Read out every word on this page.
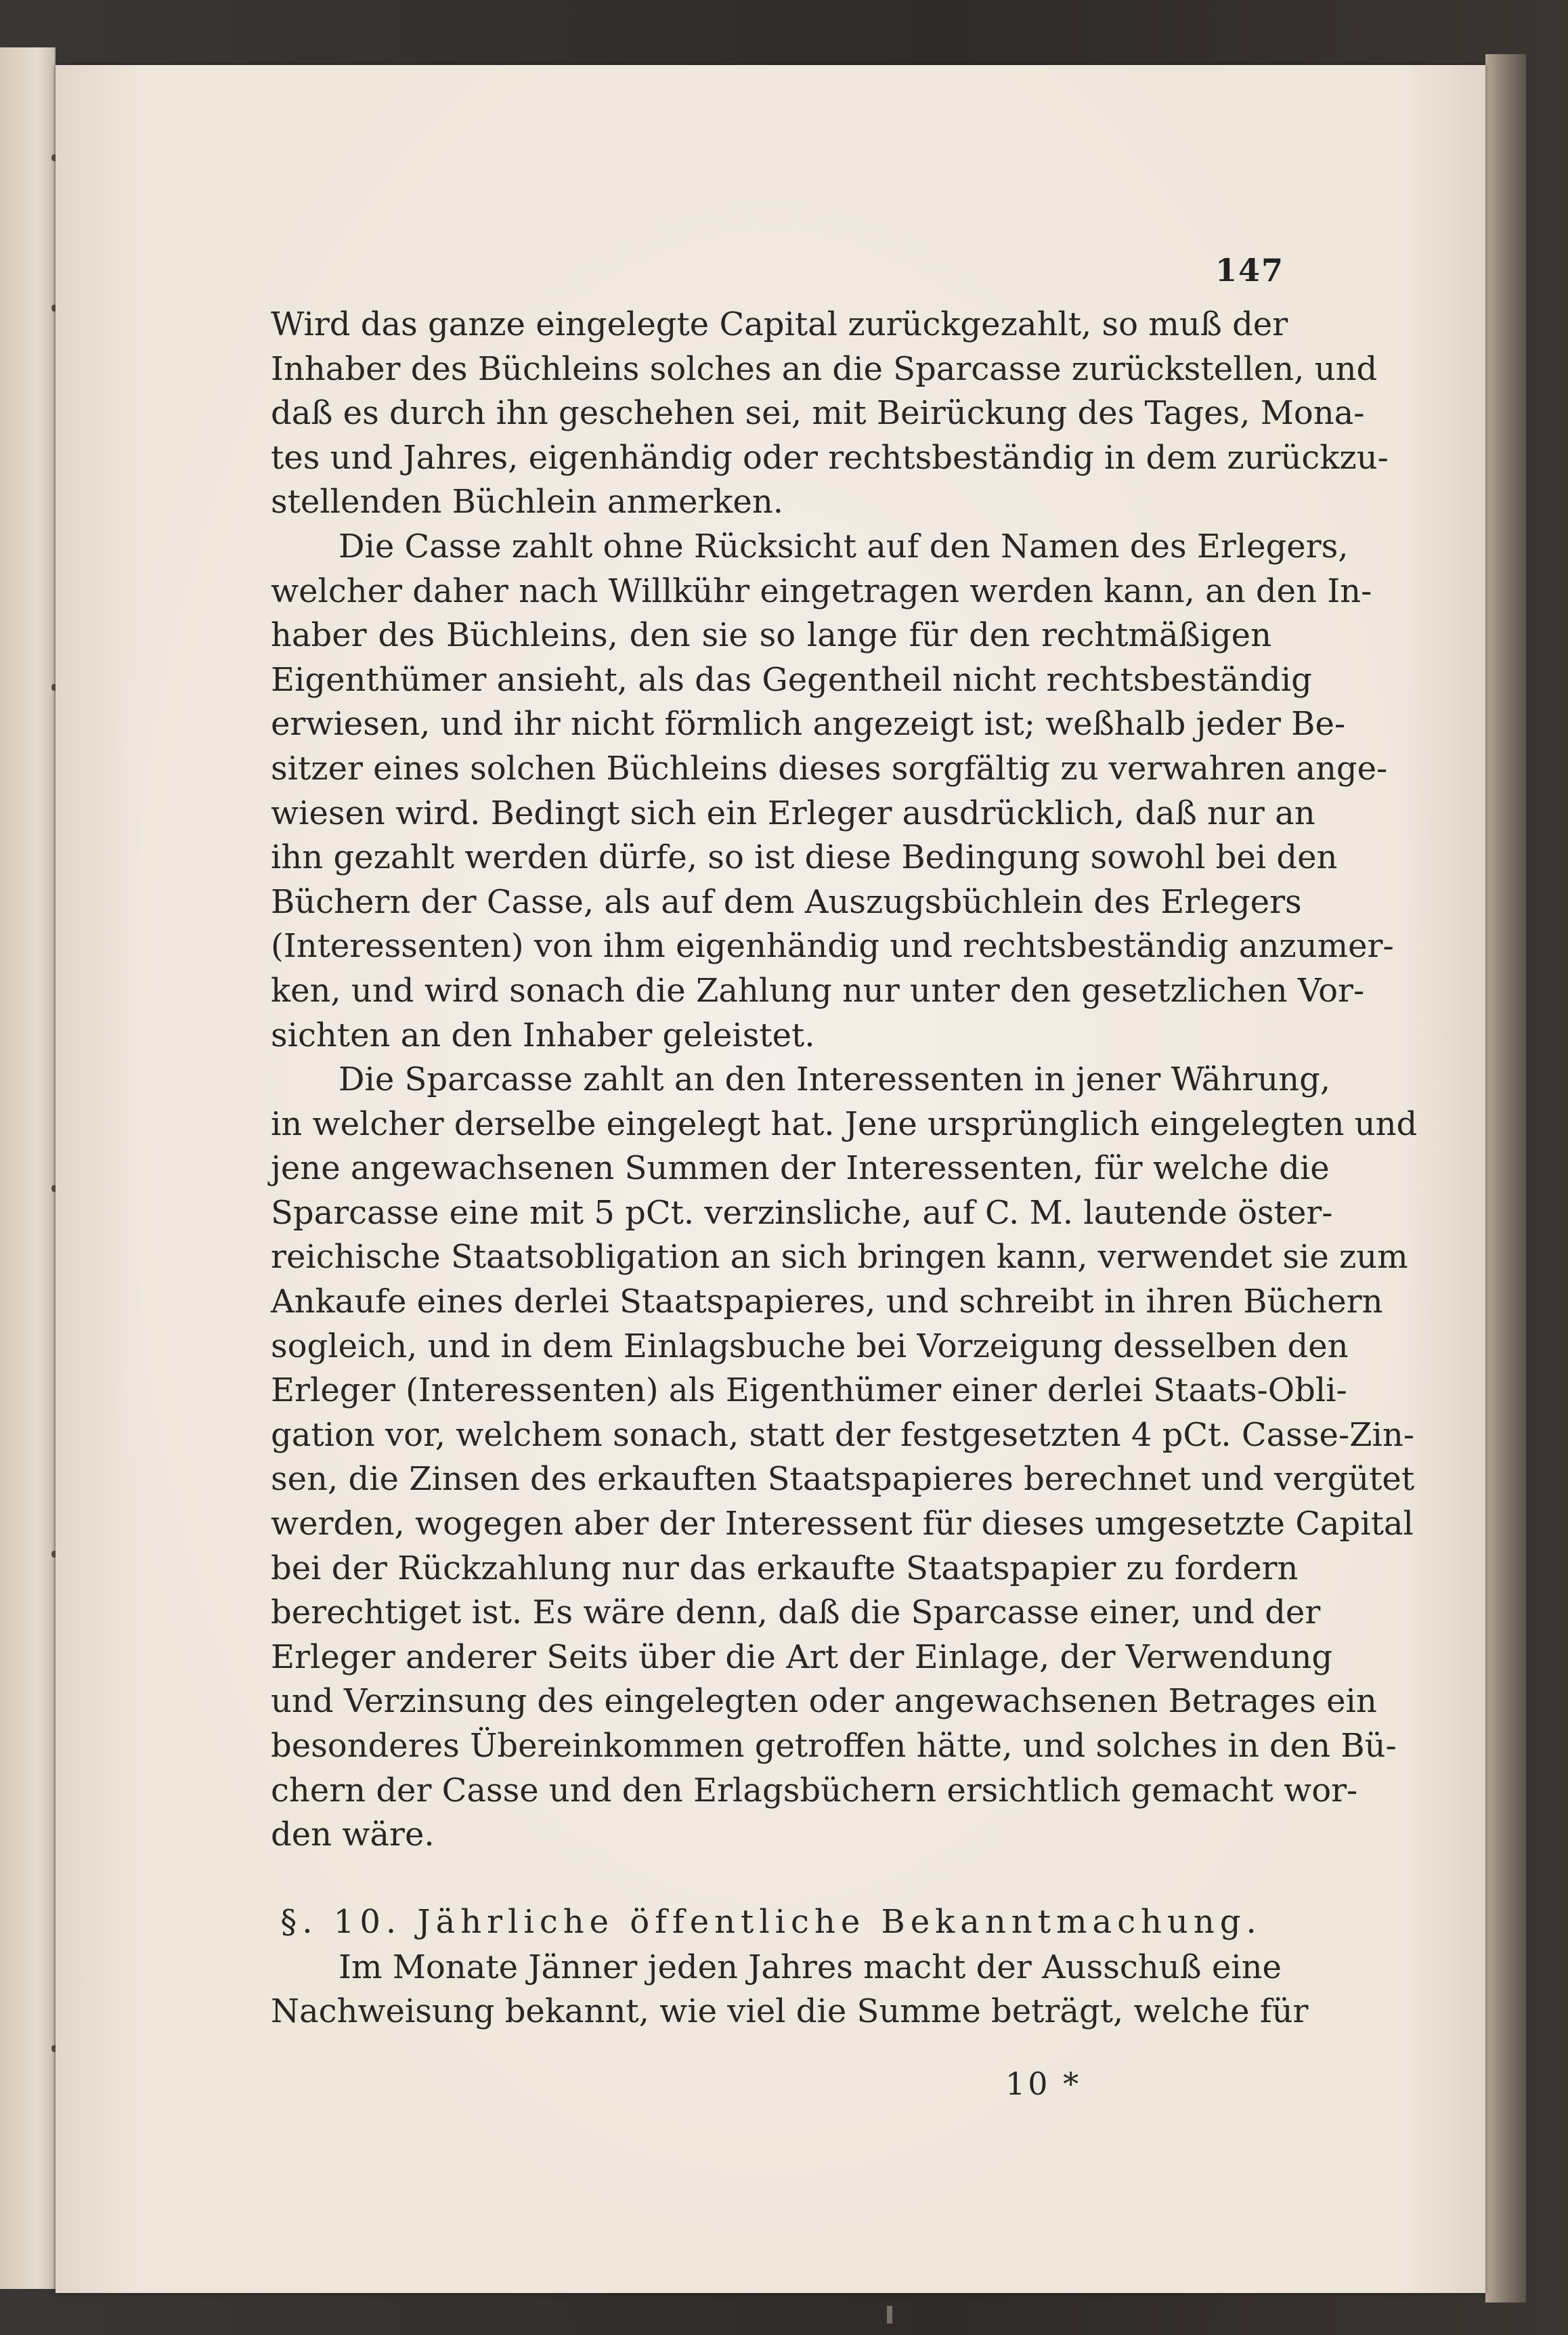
147
Wird das ganze eingelegte Capital zurückgezahlt, so muß der
Inhaber des Büchleins solches an die Sparcasse zurückstellen, und
daß es durch ihn geschehen sei, mit Beirückung des Tages, Mona-
tes und Jahres, eigenhändig oder rechtsbeständig in dem zurückzu-
stellenden Büchlein anmerken.
Die Casse zahlt ohne Rücksicht auf den Namen des Erlegers,
welcher daher nach Willkühr eingetragen werden kann, an den In-
haber des Büchleins, den sie so lange für den rechtmäßigen
Eigenthümer ansieht, als das Gegentheil nicht rechtsbeständig
erwiesen, und ihr nicht förmlich angezeigt ist; weßhalb jeder Be-
sitzer eines solchen Büchleins dieses sorgfältig zu verwahren ange-
wiesen wird. Bedingt sich ein Erleger ausdrücklich, daß nur an
ihn gezahlt werden dürfe, so ist diese Bedingung sowohl bei den
Büchern der Casse, als auf dem Auszugsbüchlein des Erlegers
(Interessenten) von ihm eigenhändig und rechtsbeständig anzumer-
ken, und wird sonach die Zahlung nur unter den gesetzlichen Vor-
sichten an den Inhaber geleistet.
Die Sparcasse zahlt an den Interessenten in jener Währung,
in welcher derselbe eingelegt hat. Jene ursprünglich eingelegten und
jene angewachsenen Summen der Interessenten, für welche die
Sparcasse eine mit 5 pCt. verzinsliche, auf C. M. lautende öster-
reichische Staatsobligation an sich bringen kann, verwendet sie zum
Ankaufe eines derlei Staatspapieres, und schreibt in ihren Büchern
sogleich, und in dem Einlagsbuche bei Vorzeigung desselben den
Erleger (Interessenten) als Eigenthümer einer derlei Staats-Obli-
gation vor, welchem sonach, statt der festgesetzten 4 pCt. Casse-Zin-
sen, die Zinsen des erkauften Staatspapieres berechnet und vergütet
werden, wogegen aber der Interessent für dieses umgesetzte Capital
bei der Rückzahlung nur das erkaufte Staatspapier zu fordern
berechtiget ist. Es wäre denn, daß die Sparcasse einer, und der
Erleger anderer Seits über die Art der Einlage, der Verwendung
und Verzinsung des eingelegten oder angewachsenen Betrages ein
besonderes Übereinkommen getroffen hätte, und solches in den Bü-
chern der Casse und den Erlagsbüchern ersichtlich gemacht wor-
den wäre.
§. 10. Jährliche öffentliche Bekanntmachung.
Im Monate Jänner jeden Jahres macht der Ausschuß eine
Nachweisung bekannt, wie viel die Summe beträgt, welche für
10 *
